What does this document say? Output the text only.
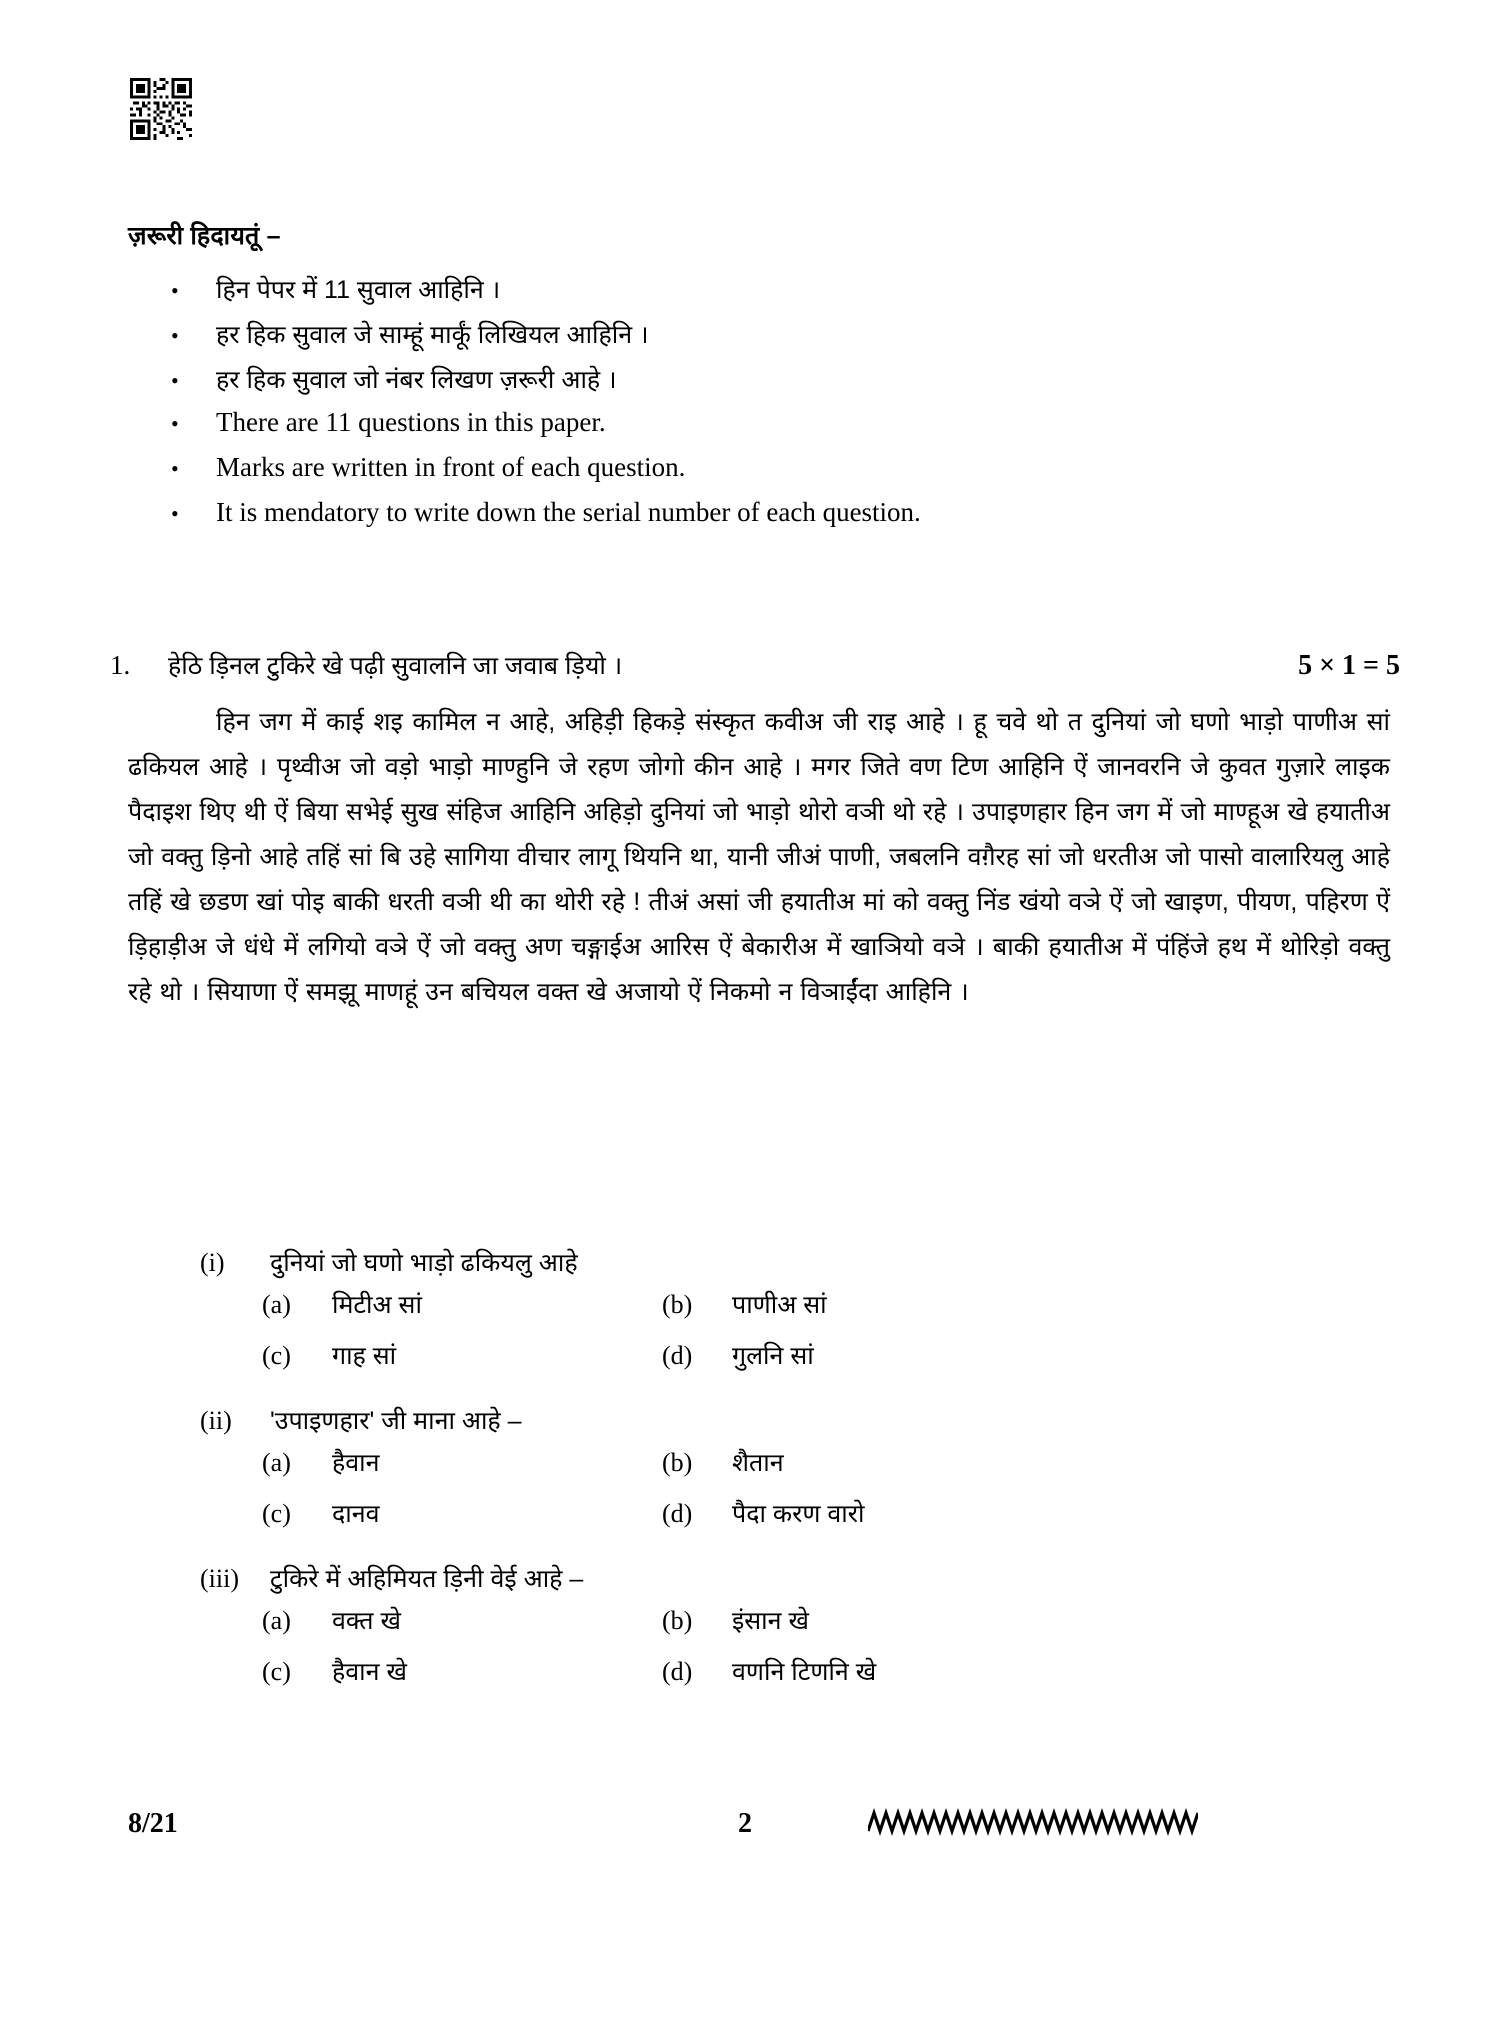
ज़रूरी हिदायतूं –
•
हिन पेपर में 11 सुवाल आहिनि ।
•
हर हिक सुवाल जे साम्हूं मार्कूं लिखियल आहिनि ।
•
हर हिक सुवाल जो नंबर लिखण ज़रूरी आहे ।
•
There are 11 questions in this paper.
•
Marks are written in front of each question.
•
It is mendatory to write down the serial number of each question.
1.	हेठि ड़िनल टुकिरे खे पढ़ी सुवालनि जा जवाब ड़ियो ।	5 × 1 = 5
हिन जग में काई शइ कामिल न आहे, अहिड़ी हिकड़े संस्कृत कवीअ जी राइ आहे । हू चवे थो त दुनियां जो घणो भाड़ो पाणीअ सां ढकियल आहे । पृथ्वीअ जो वड़ो भाड़ो माण्हुनि जे रहण जोगो कीन आहे । मगर जिते वण टिण आहिनि ऐं जानवरनि जे कुवत गुज़ारे लाइक पैदाइश थिए थी ऐं बिया सभेई सुख संहिज आहिनि अहिड़ो दुनियां जो भाड़ो थोरो वञी थो रहे । उपाइणहार हिन जग में जो माण्हूअ खे हयातीअ जो वक्तु ड़िनो आहे तहिं सां बि उहे सागिया वीचार लागू थियनि था, यानी जीअं पाणी, जबलनि वग़ैरह सां जो धरतीअ जो पासो वालारियलु आहे तहिं खे छडण खां पोइ बाकी धरती वञी थी का थोरी रहे ! तीअं असां जी हयातीअ मां को वक्तु निंड खंयो वञे ऐं जो खाइण, पीयण, पहिरण ऐं ड़िहाड़ीअ जे धंधे में लगियो वञे ऐं जो वक्तु अण चङ्गाईअ आरिस ऐं बेकारीअ में खाञियो वञे । बाकी हयातीअ में पंहिंजे हथ में थोरिड़ो वक्तु रहे थो । सियाणा ऐं समझू माणहूं उन बचियल वक्त खे अजायो ऐं निकमो न विञाईंदा आहिनि ।
(i)	दुनियां जो घणो भाड़ो ढकियलु आहे
(a)	मिटीअ सां	(b)	पाणीअ सां
(c)	गाह सां	(d)	गुलनि सां
(ii)	'उपाइणहार' जी माना आहे –
(a)	हैवान	(b)	शैतान
(c)	दानव	(d)	पैदा करण वारो
(iii)	टुकिरे में अहिमियत ड़िनी वेई आहे –
(a)	वक्त खे	(b)	इंसान खे
(c)	हैवान खे	(d)	वणनि टिणनि खे
8/21	2
